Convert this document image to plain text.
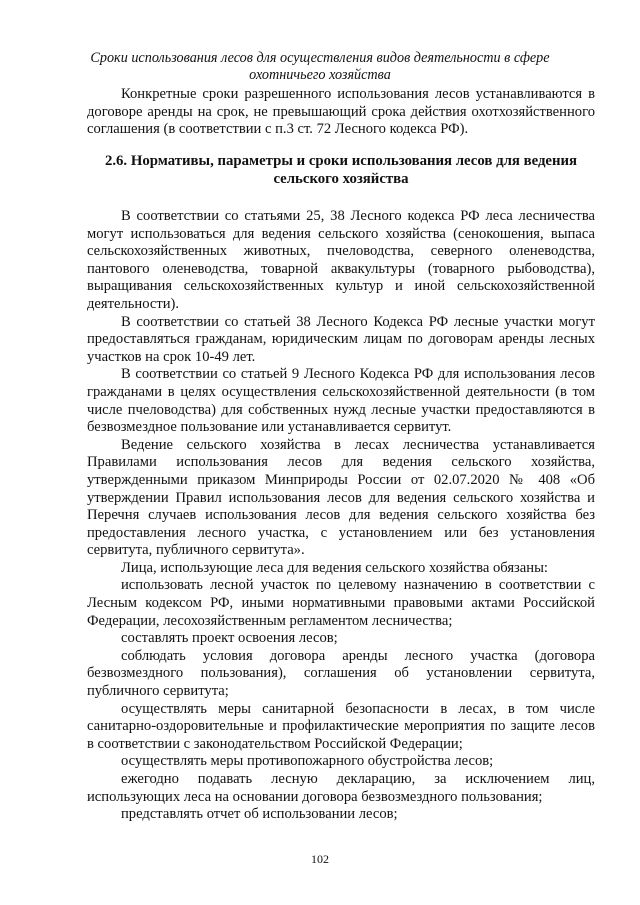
Сроки использования лесов для осуществления видов деятельности в сфере охотничьего хозяйства

Конкретные сроки разрешенного использования лесов устанавливаются в договоре аренды на срок, не превышающий срока действия охотхозяйственного соглашения (в соответствии с п.3 ст. 72 Лесного кодекса РФ).

2.6. Нормативы, параметры и сроки использования лесов для ведения сельского хозяйства

В соответствии со статьями 25, 38 Лесного кодекса РФ леса лесничества могут использоваться для ведения сельского хозяйства (сенокошения, выпаса сельскохозяйственных животных, пчеловодства, северного оленеводства, пантового оленеводства, товарной аквакультуры (товарного рыбоводства), выращивания сельскохозяйственных культур и иной сельскохозяйственной деятельности).

В соответствии со статьей 38 Лесного Кодекса РФ лесные участки могут предоставляться гражданам, юридическим лицам по договорам аренды лесных участков на срок 10-49 лет.

В соответствии со статьей 9 Лесного Кодекса РФ для использования лесов гражданами в целях осуществления сельскохозяйственной деятельности (в том числе пчеловодства) для собственных нужд лесные участки предоставляются в безвозмездное пользование или устанавливается сервитут.

Ведение сельского хозяйства в лесах лесничества устанавливается Правилами использования лесов для ведения сельского хозяйства, утвержденными приказом Минприроды России от 02.07.2020 № 408 «Об утверждении Правил использования лесов для ведения сельского хозяйства и Перечня случаев использования лесов для ведения сельского хозяйства без предоставления лесного участка, с установлением или без установления сервитута, публичного сервитута».

Лица, использующие леса для ведения сельского хозяйства обязаны:

использовать лесной участок по целевому назначению в соответствии с Лесным кодексом РФ, иными нормативными правовыми актами Российской Федерации, лесохозяйственным регламентом лесничества;

составлять проект освоения лесов;

соблюдать условия договора аренды лесного участка (договора безвозмездного пользования), соглашения об установлении сервитута, публичного сервитута;

осуществлять меры санитарной безопасности в лесах, в том числе санитарно-оздоровительные и профилактические мероприятия по защите лесов в соответствии с законодательством Российской Федерации;

осуществлять меры противопожарного обустройства лесов;

ежегодно подавать лесную декларацию, за исключением лиц, использующих леса на основании договора безвозмездного пользования;

представлять отчет об использовании лесов;

102
